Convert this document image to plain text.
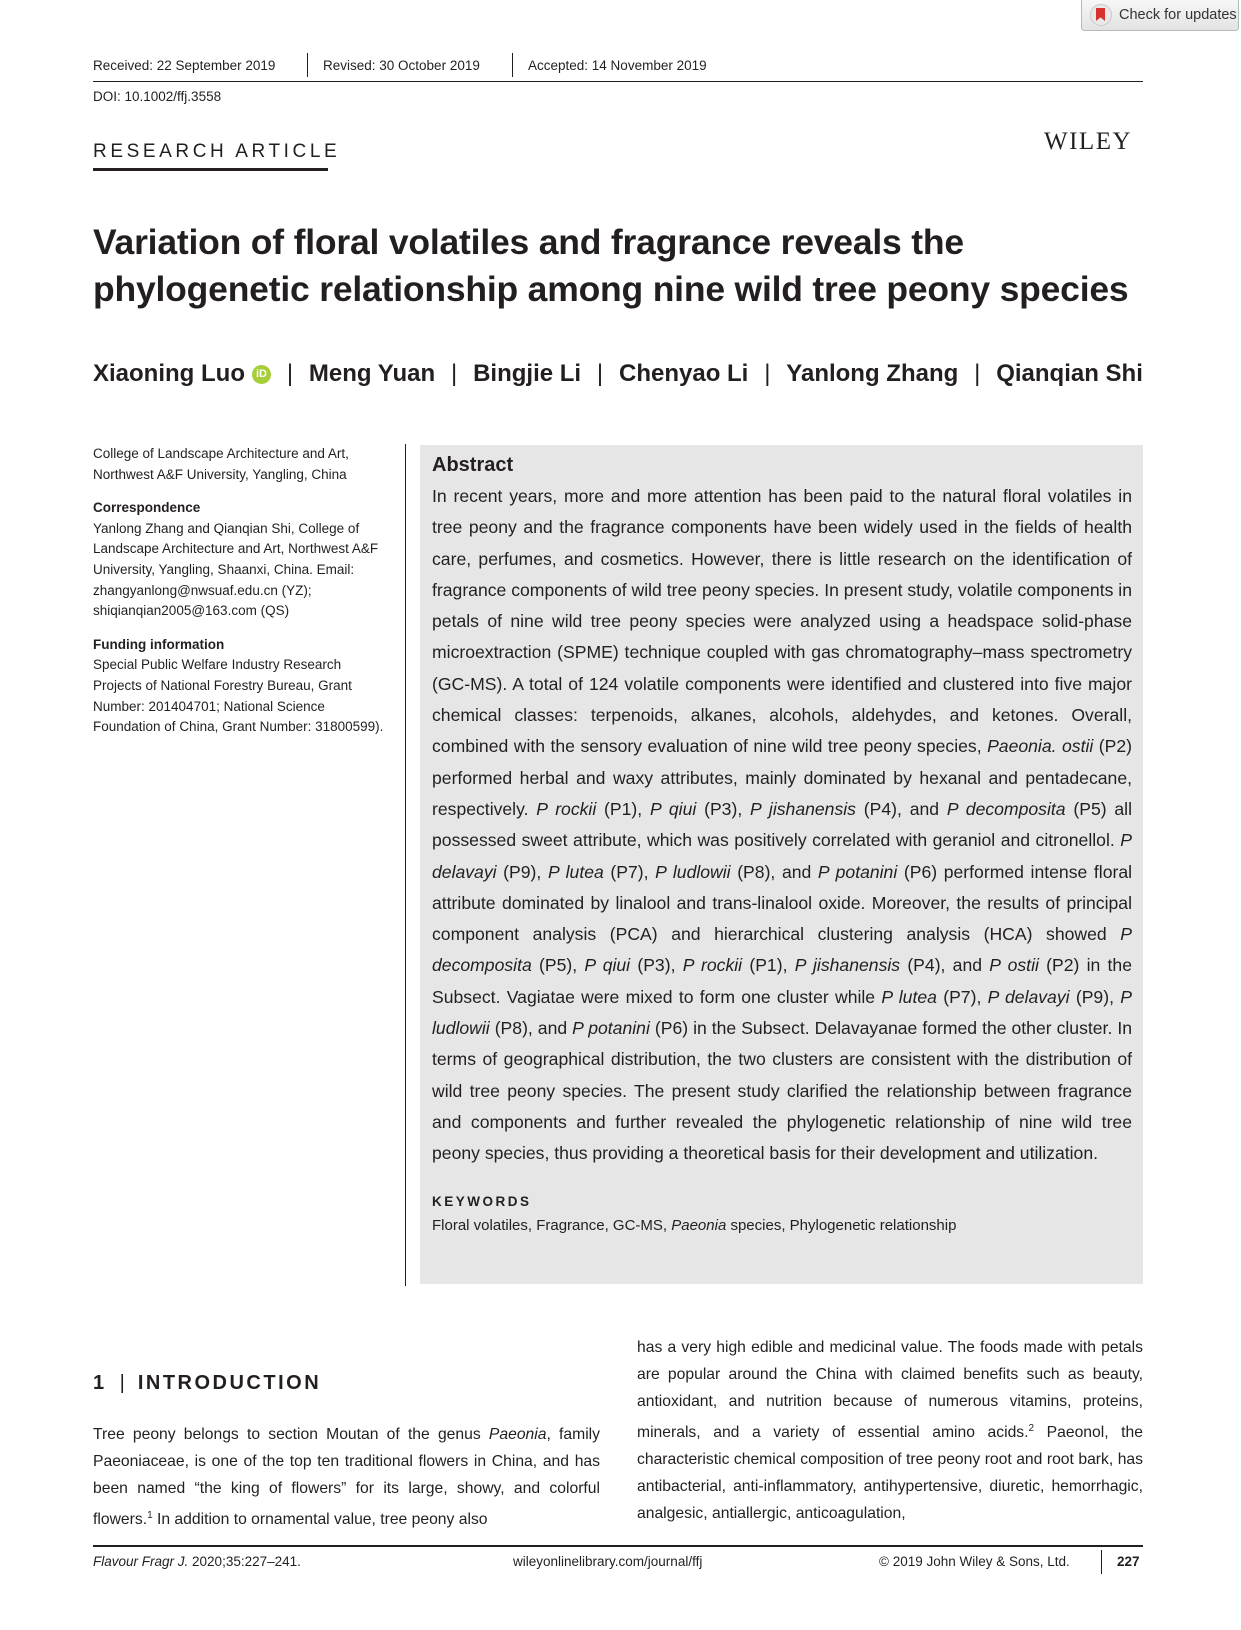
Check for updates
Received: 22 September 2019	Revised: 30 October 2019	Accepted: 14 November 2019
DOI: 10.1002/ffj.3558
RESEARCH ARTICLE	WILEY
Variation of floral volatiles and fragrance reveals the phylogenetic relationship among nine wild tree peony species
Xiaoning Luo iD | Meng Yuan | Bingjie Li | Chenyao Li | Yanlong Zhang | Qianqian Shi

College of Landscape Architecture and Art, Northwest A&F University, Yangling, China

Correspondence

Yanlong Zhang and Qianqian Shi, College of Landscape Architecture and Art, Northwest A&F University, Yangling, Shaanxi, China. Email: zhangyanlong@nwsuaf.edu.cn (YZ); shiqianqian2005@163.com (QS)

Funding information

Special Public Welfare Industry Research Projects of National Forestry Bureau, Grant Number: 201404701; National Science Foundation of China, Grant Number: 31800599).

Abstract

In recent years, more and more attention has been paid to the natural floral volatiles in tree peony and the fragrance components have been widely used in the fields of health care, perfumes, and cosmetics. However, there is little research on the identification of fragrance components of wild tree peony species. In present study, volatile components in petals of nine wild tree peony species were analyzed using a headspace solid-phase microextraction (SPME) technique coupled with gas chromatography–mass spectrometry (GC-MS). A total of 124 volatile components were identified and clustered into five major chemical classes: terpenoids, alkanes, alcohols, aldehydes, and ketones. Overall, combined with the sensory evaluation of nine wild tree peony species, Paeonia. ostii (P2) performed herbal and waxy attributes, mainly dominated by hexanal and pentadecane, respectively. P rockii (P1), P qiui (P3), P jishanensis (P4), and P decomposita (P5) all possessed sweet attribute, which was positively correlated with geraniol and citronellol. P delavayi (P9), P lutea (P7), P ludlowii (P8), and P potanini (P6) performed intense floral attribute dominated by linalool and trans-linalool oxide. Moreover, the results of principal component analysis (PCA) and hierarchical clustering analysis (HCA) showed P decomposita (P5), P qiui (P3), P rockii (P1), P jishanensis (P4), and P ostii (P2) in the Subsect. Vagiatae were mixed to form one cluster while P lutea (P7), P delavayi (P9), P ludlowii (P8), and P potanini (P6) in the Subsect. Delavayanae formed the other cluster. In terms of geographical distribution, the two clusters are consistent with the distribution of wild tree peony species. The present study clarified the relationship between fragrance and components and further revealed the phylogenetic relationship of nine wild tree peony species, thus providing a theoretical basis for their development and utilization.

KEYWORDS
Floral volatiles, Fragrance, GC-MS, Paeonia species, Phylogenetic relationship
1 | INTRODUCTION

Tree peony belongs to section Moutan of the genus Paeonia, family Paeoniaceae, is one of the top ten traditional flowers in China, and has been named “the king of flowers” for its large, showy, and colorful flowers.$^1$ In addition to ornamental value, tree peony also

has a very high edible and medicinal value. The foods made with petals are popular around the China with claimed benefits such as beauty, antioxidant, and nutrition because of numerous vitamins, proteins, minerals, and a variety of essential amino acids.$^2$ Paeonol, the characteristic chemical composition of tree peony root and root bark, has antibacterial, anti-inflammatory, antihypertensive, diuretic, hemorrhagic, analgesic, antiallergic, anticoagulation,

Flavour Fragr J. 2020;35:227–241.	wileyonlinelibrary.com/journal/ffj	© 2019 John Wiley & Sons, Ltd.	227
